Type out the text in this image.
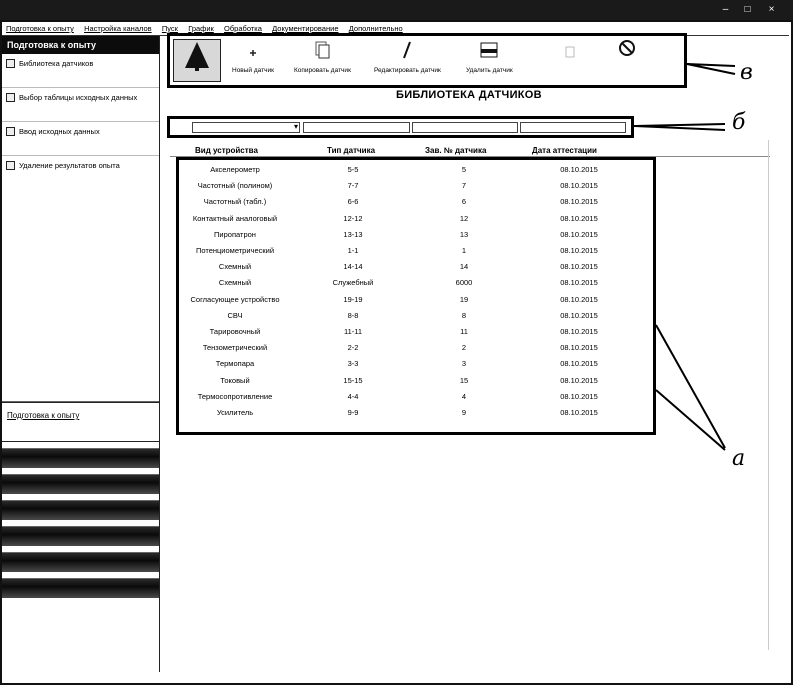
– □ ×
Подготовка к опыту Настройка каналов Пуск График Обработка Документирование Дополнительно
Подготовка к опыту
Библиотека датчиков
Выбор таблицы исходных данных
Ввод исходных данных
Удаление результатов опыта
Подготовка к опыту
Новый датчик	Копировать датчик	Редактировать датчик	Удалить датчик	в
б
а
БИБЛИОТЕКА ДАТЧИКОВ
▾
Вид устройства	Тип датчика	Зав. № датчика	Дата аттестации
Акселерометр	5-5	5	08.10.2015
Частотный (полином)	7-7	7	08.10.2015
Частотный (табл.)	6-6	6	08.10.2015
Контактный аналоговый	12-12	12	08.10.2015
Пиропатрон	13-13	13	08.10.2015
Потенциометрический	1-1	1	08.10.2015
Схемный	14-14	14	08.10.2015
Схемный	Служебный	6000	08.10.2015
Согласующее устройство	19-19	19	08.10.2015
СВЧ	8-8	8	08.10.2015
Тарировочный	11-11	11	08.10.2015
Тензометрический	2-2	2	08.10.2015
Термопара	3-3	3	08.10.2015
Токовый	15-15	15	08.10.2015
Термосопротивление	4-4	4	08.10.2015
Усилитель	9-9	9	08.10.2015
